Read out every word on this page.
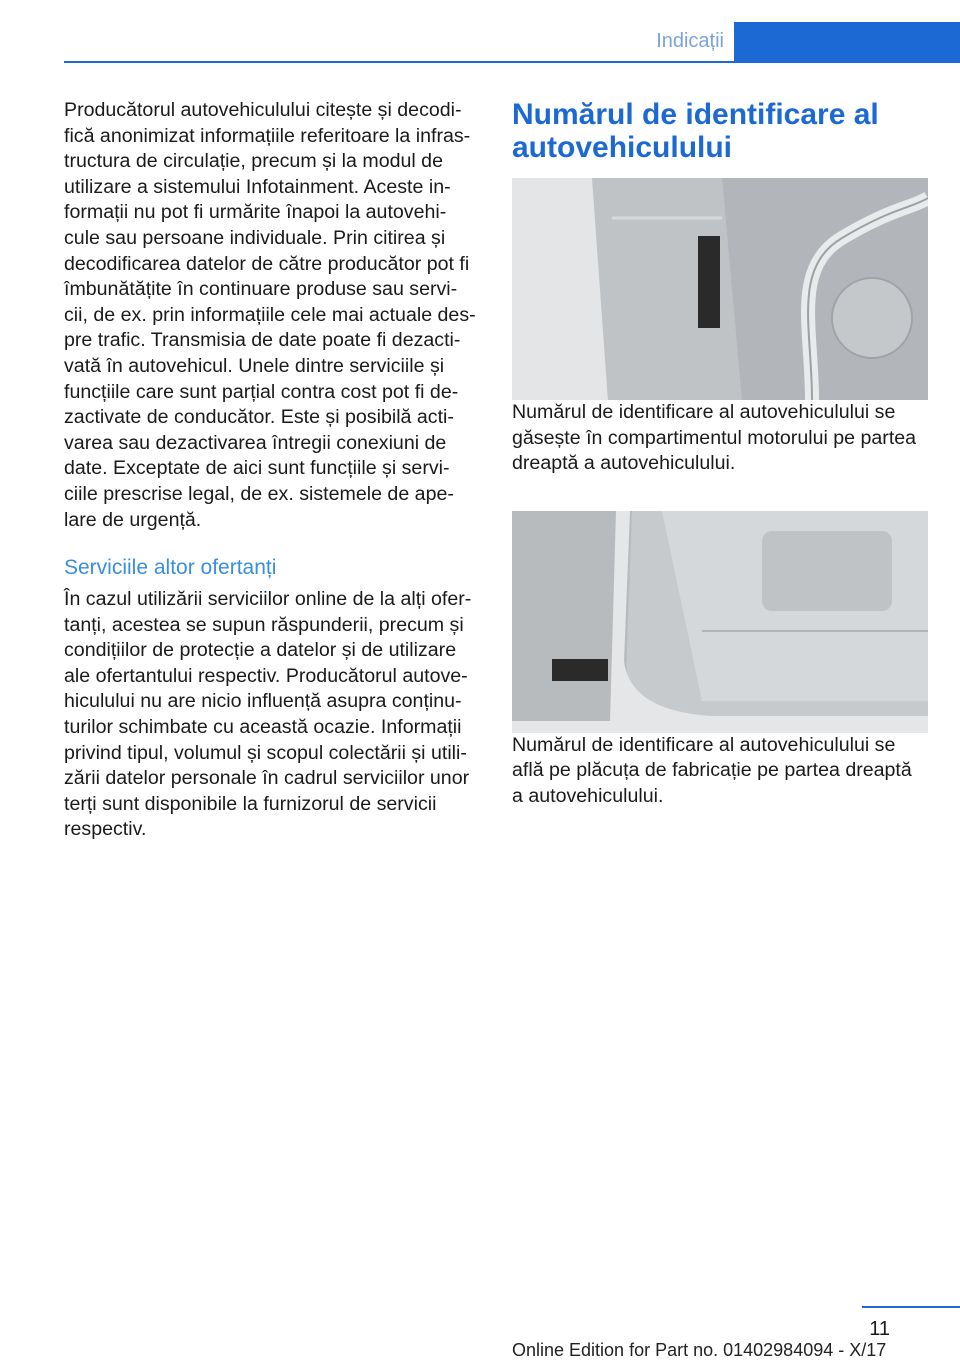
Indicații

Producătorul autovehiculului citește și decodi-fică anonimizat informațiile referitoare la infras-tructura de circulație, precum și la modul de utilizare a sistemului Infotainment. Aceste in-formații nu pot fi urmărite înapoi la autovehi-cule sau persoane individuale. Prin citirea și decodificarea datelor de către producător pot fi îmbunătățite în continuare produse sau servi-cii, de ex. prin informațiile cele mai actuale des-pre trafic. Transmisia de date poate fi dezacti-vată în autovehicul. Unele dintre serviciile și funcțiile care sunt parțial contra cost pot fi de-zactivate de conducător. Este și posibilă acti-varea sau dezactivarea întregii conexiuni de date. Exceptate de aici sunt funcțiile și servi-ciile prescrise legal, de ex. sistemele de ape-lare de urgență.

Serviciile altor ofertanți

În cazul utilizării serviciilor online de la alți ofer-tanți, acestea se supun răspunderii, precum și condițiilor de protecție a datelor și de utilizare ale ofertantului respectiv. Producătorul autove-hiculului nu are nicio influență asupra conținu-turilor schimbate cu această ocazie. Informații privind tipul, volumul și scopul colectării și utili-zării datelor personale în cadrul serviciilor unor terți sunt disponibile la furnizorul de servicii respectiv.

Numărul de identificare al autovehiculului

Numărul de identificare al autovehiculului se găsește în compartimentul motorului pe partea dreaptă a autovehiculului.

Numărul de identificare al autovehiculului se află pe plăcuța de fabricație pe partea dreaptă a autovehiculului.

11
Online Edition for Part no. 01402984094 - X/17
